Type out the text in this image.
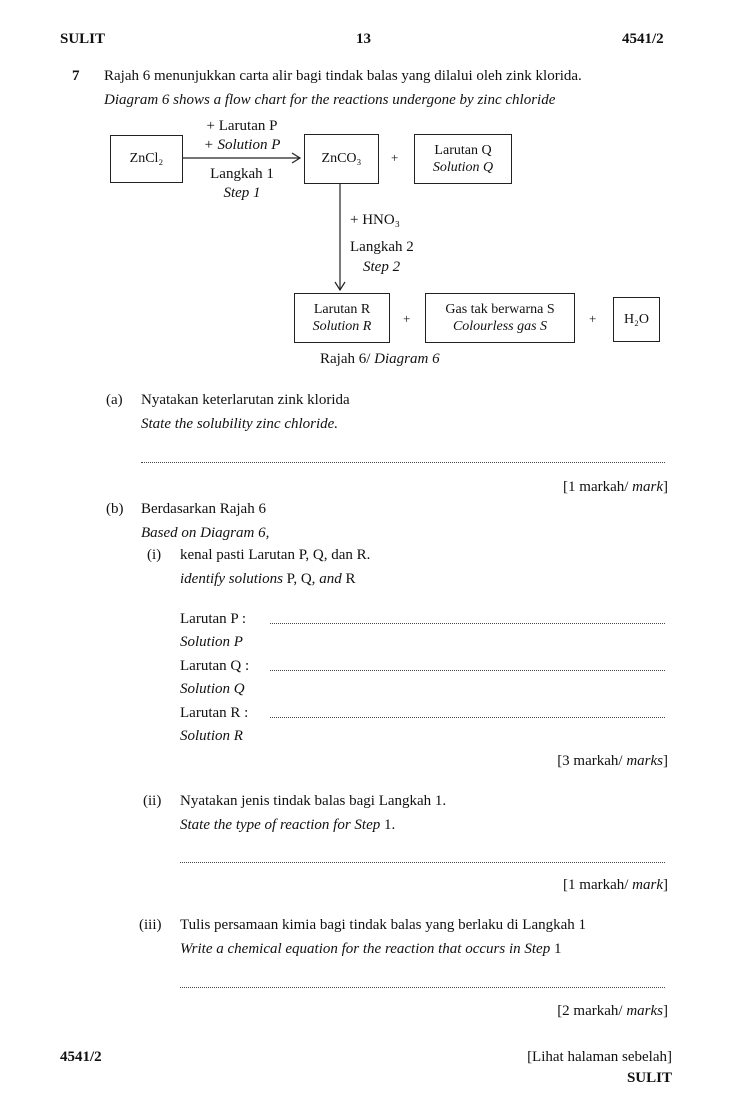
SULIT	13	4541/2
7 Rajah 6 menunjukkan carta alir bagi tindak balas yang dilalui oleh zink klorida.
Diagram 6 shows a flow chart for the reactions undergone by zinc chloride
ZnCl₂
+ Larutan P
+ Solution P
Langkah 1
Step 1
ZnCO₃ +	Larutan Q
Solution Q
+ HNO₃
Langkah 2
Step 2
Larutan R
Solution R
+
Gas tak berwarna S
Colourless gas S
+ H₂O
Rajah 6/ Diagram 6
(a) Nyatakan keterlarutan zink klorida
State the solubility zinc chloride.
[1 markah/ mark]
(b) Berdasarkan Rajah 6
Based on Diagram 6,
(i) kenal pasti Larutan P, Q, dan R.
identify solutions P, Q, and R
Larutan P :
Solution P
Larutan Q :
Solution Q
Larutan R :
Solution R
[3 markah/ marks]
(ii) Nyatakan jenis tindak balas bagi Langkah 1.
State the type of reaction for Step 1.
[1 markah/ mark]
(iii) Tulis persamaan kimia bagi tindak balas yang berlaku di Langkah 1
Write a chemical equation for the reaction that occurs in Step 1
[2 markah/ marks]
4541/2	[Lihat halaman sebelah]
SULIT
